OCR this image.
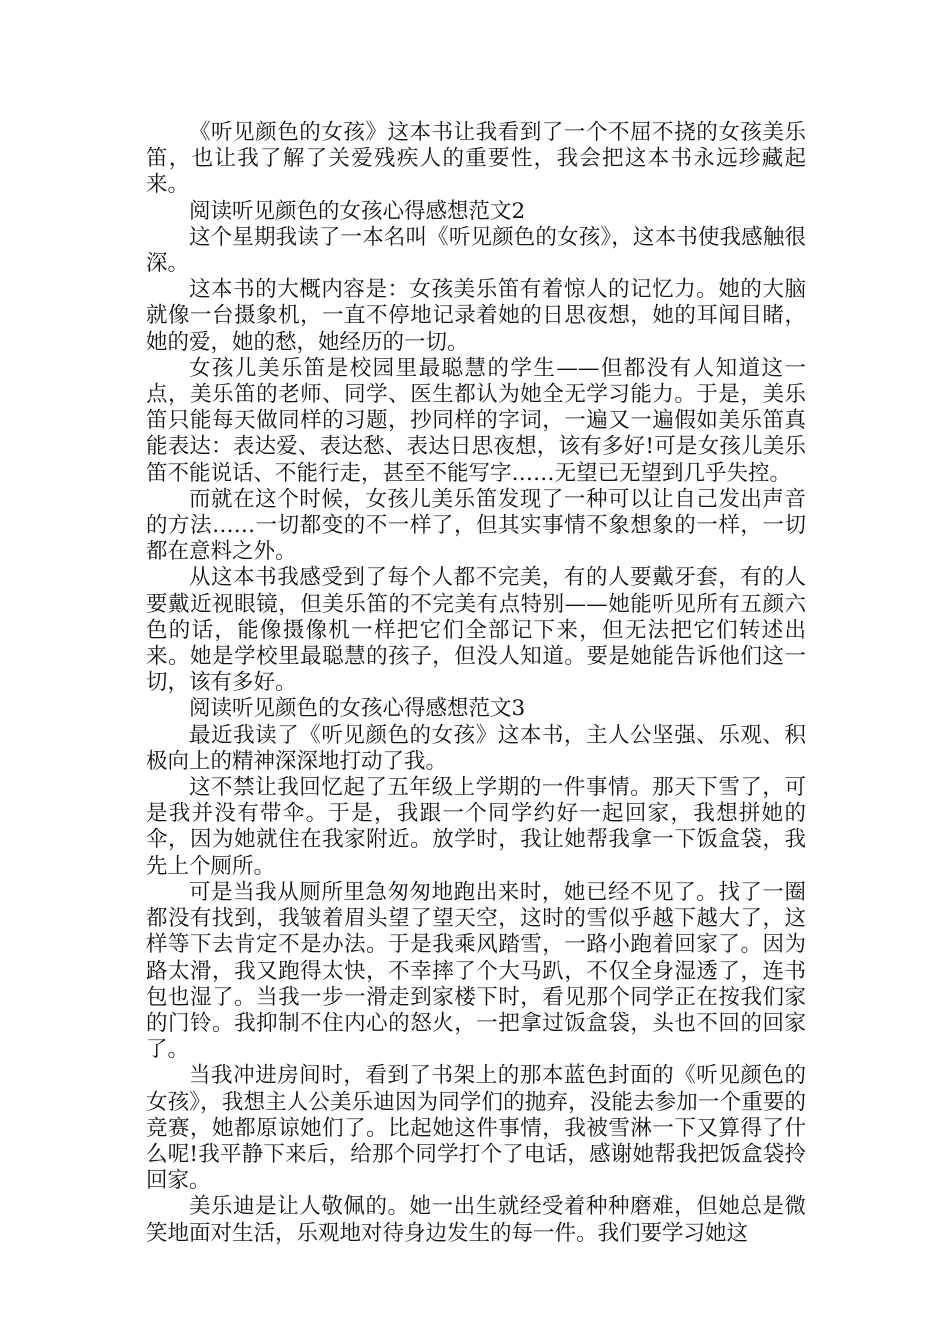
《听见颜色的女孩》这本书让我看到了一个不屈不挠的女孩美乐笛，也让我了解了关爱残疾人的重要性，我会把这本书永远珍藏起来。

阅读听见颜色的女孩心得感想范文2

这个星期我读了一本名叫《听见颜色的女孩》，这本书使我感触很深。

这本书的大概内容是：女孩美乐笛有着惊人的记忆力。她的大脑就像一台摄象机，一直不停地记录着她的日思夜想，她的耳闻目睹，她的爱，她的愁，她经历的一切。

女孩儿美乐笛是校园里最聪慧的学生——但都没有人知道这一点，美乐笛的老师、同学、医生都认为她全无学习能力。于是，美乐笛只能每天做同样的习题，抄同样的字词，一遍又一遍假如美乐笛真能表达：表达爱、表达愁、表达日思夜想，该有多好!可是女孩儿美乐笛不能说话、不能行走，甚至不能写字……无望已无望到几乎失控。

而就在这个时候，女孩儿美乐笛发现了一种可以让自己发出声音的方法……一切都变的不一样了，但其实事情不象想象的一样，一切都在意料之外。

从这本书我感受到了每个人都不完美，有的人要戴牙套，有的人要戴近视眼镜，但美乐笛的不完美有点特别——她能听见所有五颜六色的话，能像摄像机一样把它们全部记下来，但无法把它们转述出来。她是学校里最聪慧的孩子，但没人知道。要是她能告诉他们这一切，该有多好。

阅读听见颜色的女孩心得感想范文3

最近我读了《听见颜色的女孩》这本书，主人公坚强、乐观、积极向上的精神深深地打动了我。

这不禁让我回忆起了五年级上学期的一件事情。那天下雪了，可是我并没有带伞。于是，我跟一个同学约好一起回家，我想拼她的伞，因为她就住在我家附近。放学时，我让她帮我拿一下饭盒袋，我先上个厕所。

可是当我从厕所里急匆匆地跑出来时，她已经不见了。找了一圈都没有找到，我皱着眉头望了望天空，这时的雪似乎越下越大了，这样等下去肯定不是办法。于是我乘风踏雪，一路小跑着回家了。因为路太滑，我又跑得太快，不幸摔了个大马趴，不仅全身湿透了，连书包也湿了。当我一步一滑走到家楼下时，看见那个同学正在按我们家的门铃。我抑制不住内心的怒火，一把拿过饭盒袋，头也不回的回家了。

当我冲进房间时，看到了书架上的那本蓝色封面的《听见颜色的女孩》，我想主人公美乐迪因为同学们的抛弃，没能去参加一个重要的竞赛，她都原谅她们了。比起她这件事情，我被雪淋一下又算得了什么呢!我平静下来后，给那个同学打个了电话，感谢她帮我把饭盒袋拎回家。

美乐迪是让人敬佩的。她一出生就经受着种种磨难，但她总是微笑地面对生活，乐观地对待身边发生的每一件。我们要学习她这
